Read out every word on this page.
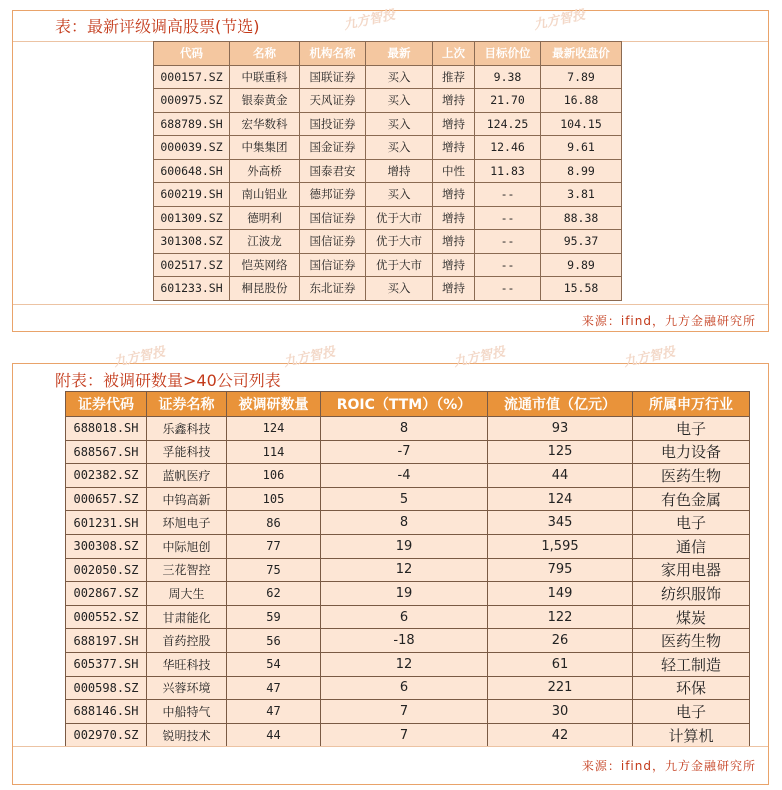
九方智投	九方智投
表：最新评级调高股票(节选)
代码	名称	机构名称	最新	上次	目标价位	最新收盘价
000157.SZ	中联重科	国联证券	买入	推荐	9.38	7.89
000975.SZ	银泰黄金	天风证券	买入	增持	21.70	16.88
688789.SH	宏华数科	国投证券	买入	增持	124.25	104.15
000039.SZ	中集集团	国金证券	买入	增持	12.46	9.61
600648.SH	外高桥	国泰君安	增持	中性	11.83	8.99
600219.SH	南山铝业	德邦证券	买入	增持	--	3.81
001309.SZ	德明利	国信证券	优于大市	增持	--	88.38
301308.SZ	江波龙	国信证券	优于大市	增持	--	95.37
002517.SZ	恺英网络	国信证券	优于大市	增持	--	9.89
601233.SH	桐昆股份	东北证券	买入	增持	--	15.58
来源：ifind，九方金融研究所
九方智投	九方智投	九方智投	九方智投
附表：被调研数量>40公司列表
证券代码	证券名称	被调研数量	ROIC（TTM）（%）	流通市值（亿元）	所属申万行业
688018.SH	乐鑫科技	124	8	93	电子
688567.SH	孚能科技	114	-7	125	电力设备
002382.SZ	蓝帆医疗	106	-4	44	医药生物
000657.SZ	中钨高新	105	5	124	有色金属
601231.SH	环旭电子	86	8	345	电子
300308.SZ	中际旭创	77	19	1,595	通信
002050.SZ	三花智控	75	12	795	家用电器
002867.SZ	周大生	62	19	149	纺织服饰
000552.SZ	甘肃能化	59	6	122	煤炭
688197.SH	首药控股	56	-18	26	医药生物
605377.SH	华旺科技	54	12	61	轻工制造
000598.SZ	兴蓉环境	47	6	221	环保
688146.SH	中船特气	47	7	30	电子
002970.SZ	锐明技术	44	7	42	计算机
来源：ifind，九方金融研究所
